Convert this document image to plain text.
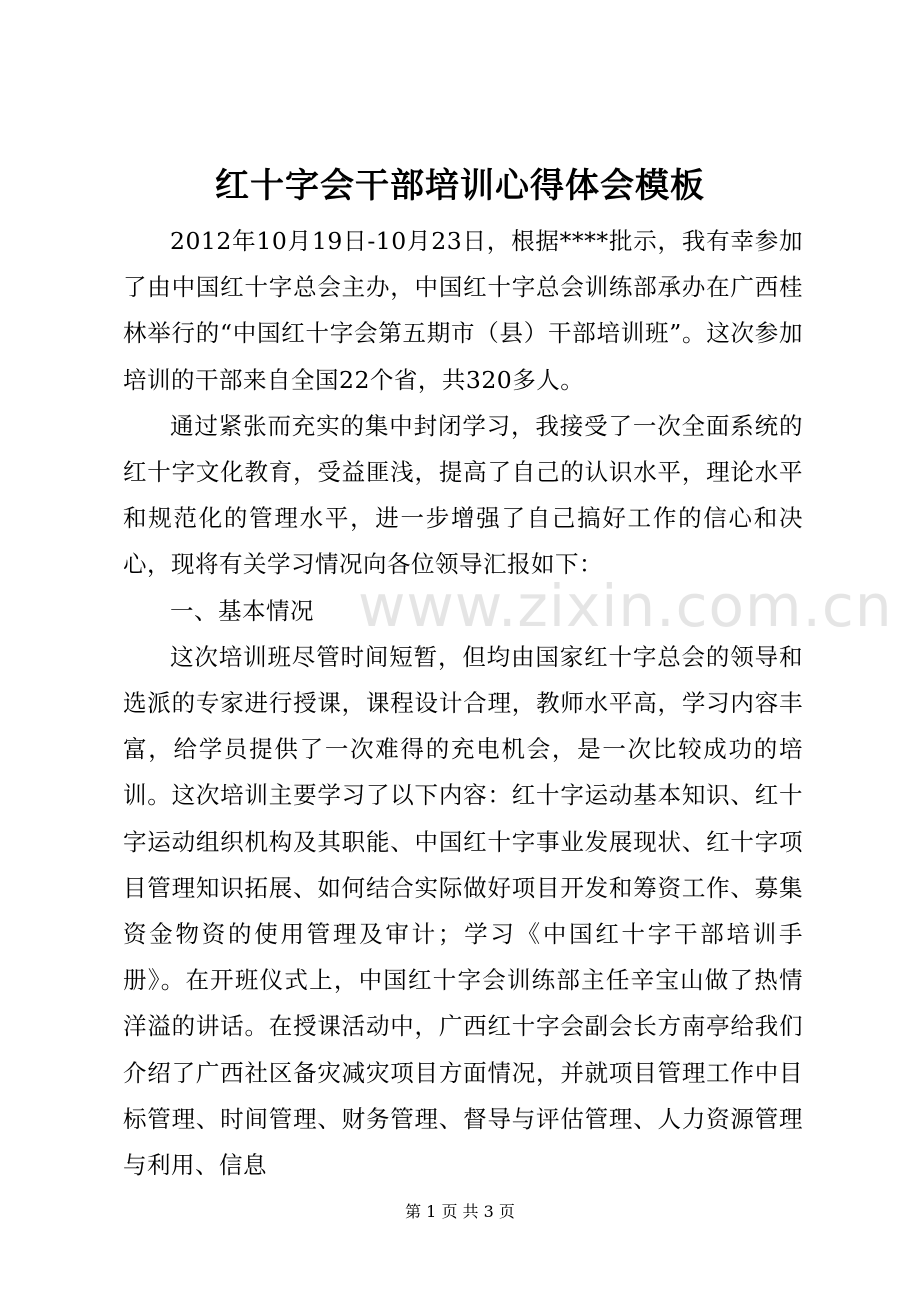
红十字会干部培训心得体会模板

2012年10月19日-10月23日，根据****批示，我有幸参加了由中国红十字总会主办，中国红十字总会训练部承办在广西桂林举行的“中国红十字会第五期市（县）干部培训班”。这次参加培训的干部来自全国22个省，共320多人。

通过紧张而充实的集中封闭学习，我接受了一次全面系统的红十字文化教育，受益匪浅，提高了自己的认识水平，理论水平和规范化的管理水平，进一步增强了自己搞好工作的信心和决心，现将有关学习情况向各位领导汇报如下：

一、基本情况

这次培训班尽管时间短暂，但均由国家红十字总会的领导和选派的专家进行授课，课程设计合理，教师水平高，学习内容丰富，给学员提供了一次难得的充电机会，是一次比较成功的培训。这次培训主要学习了以下内容：红十字运动基本知识、红十字运动组织机构及其职能、中国红十字事业发展现状、红十字项目管理知识拓展、如何结合实际做好项目开发和筹资工作、募集资金物资的使用管理及审计；学习《中国红十字干部培训手册》。在开班仪式上，中国红十字会训练部主任辛宝山做了热情洋溢的讲话。在授课活动中，广西红十字会副会长方南亭给我们介绍了广西社区备灾减灾项目方面情况，并就项目管理工作中目标管理、时间管理、财务管理、督导与评估管理、人力资源管理与利用、信息

www.zixin.com.cn
第 1 页 共 3 页
